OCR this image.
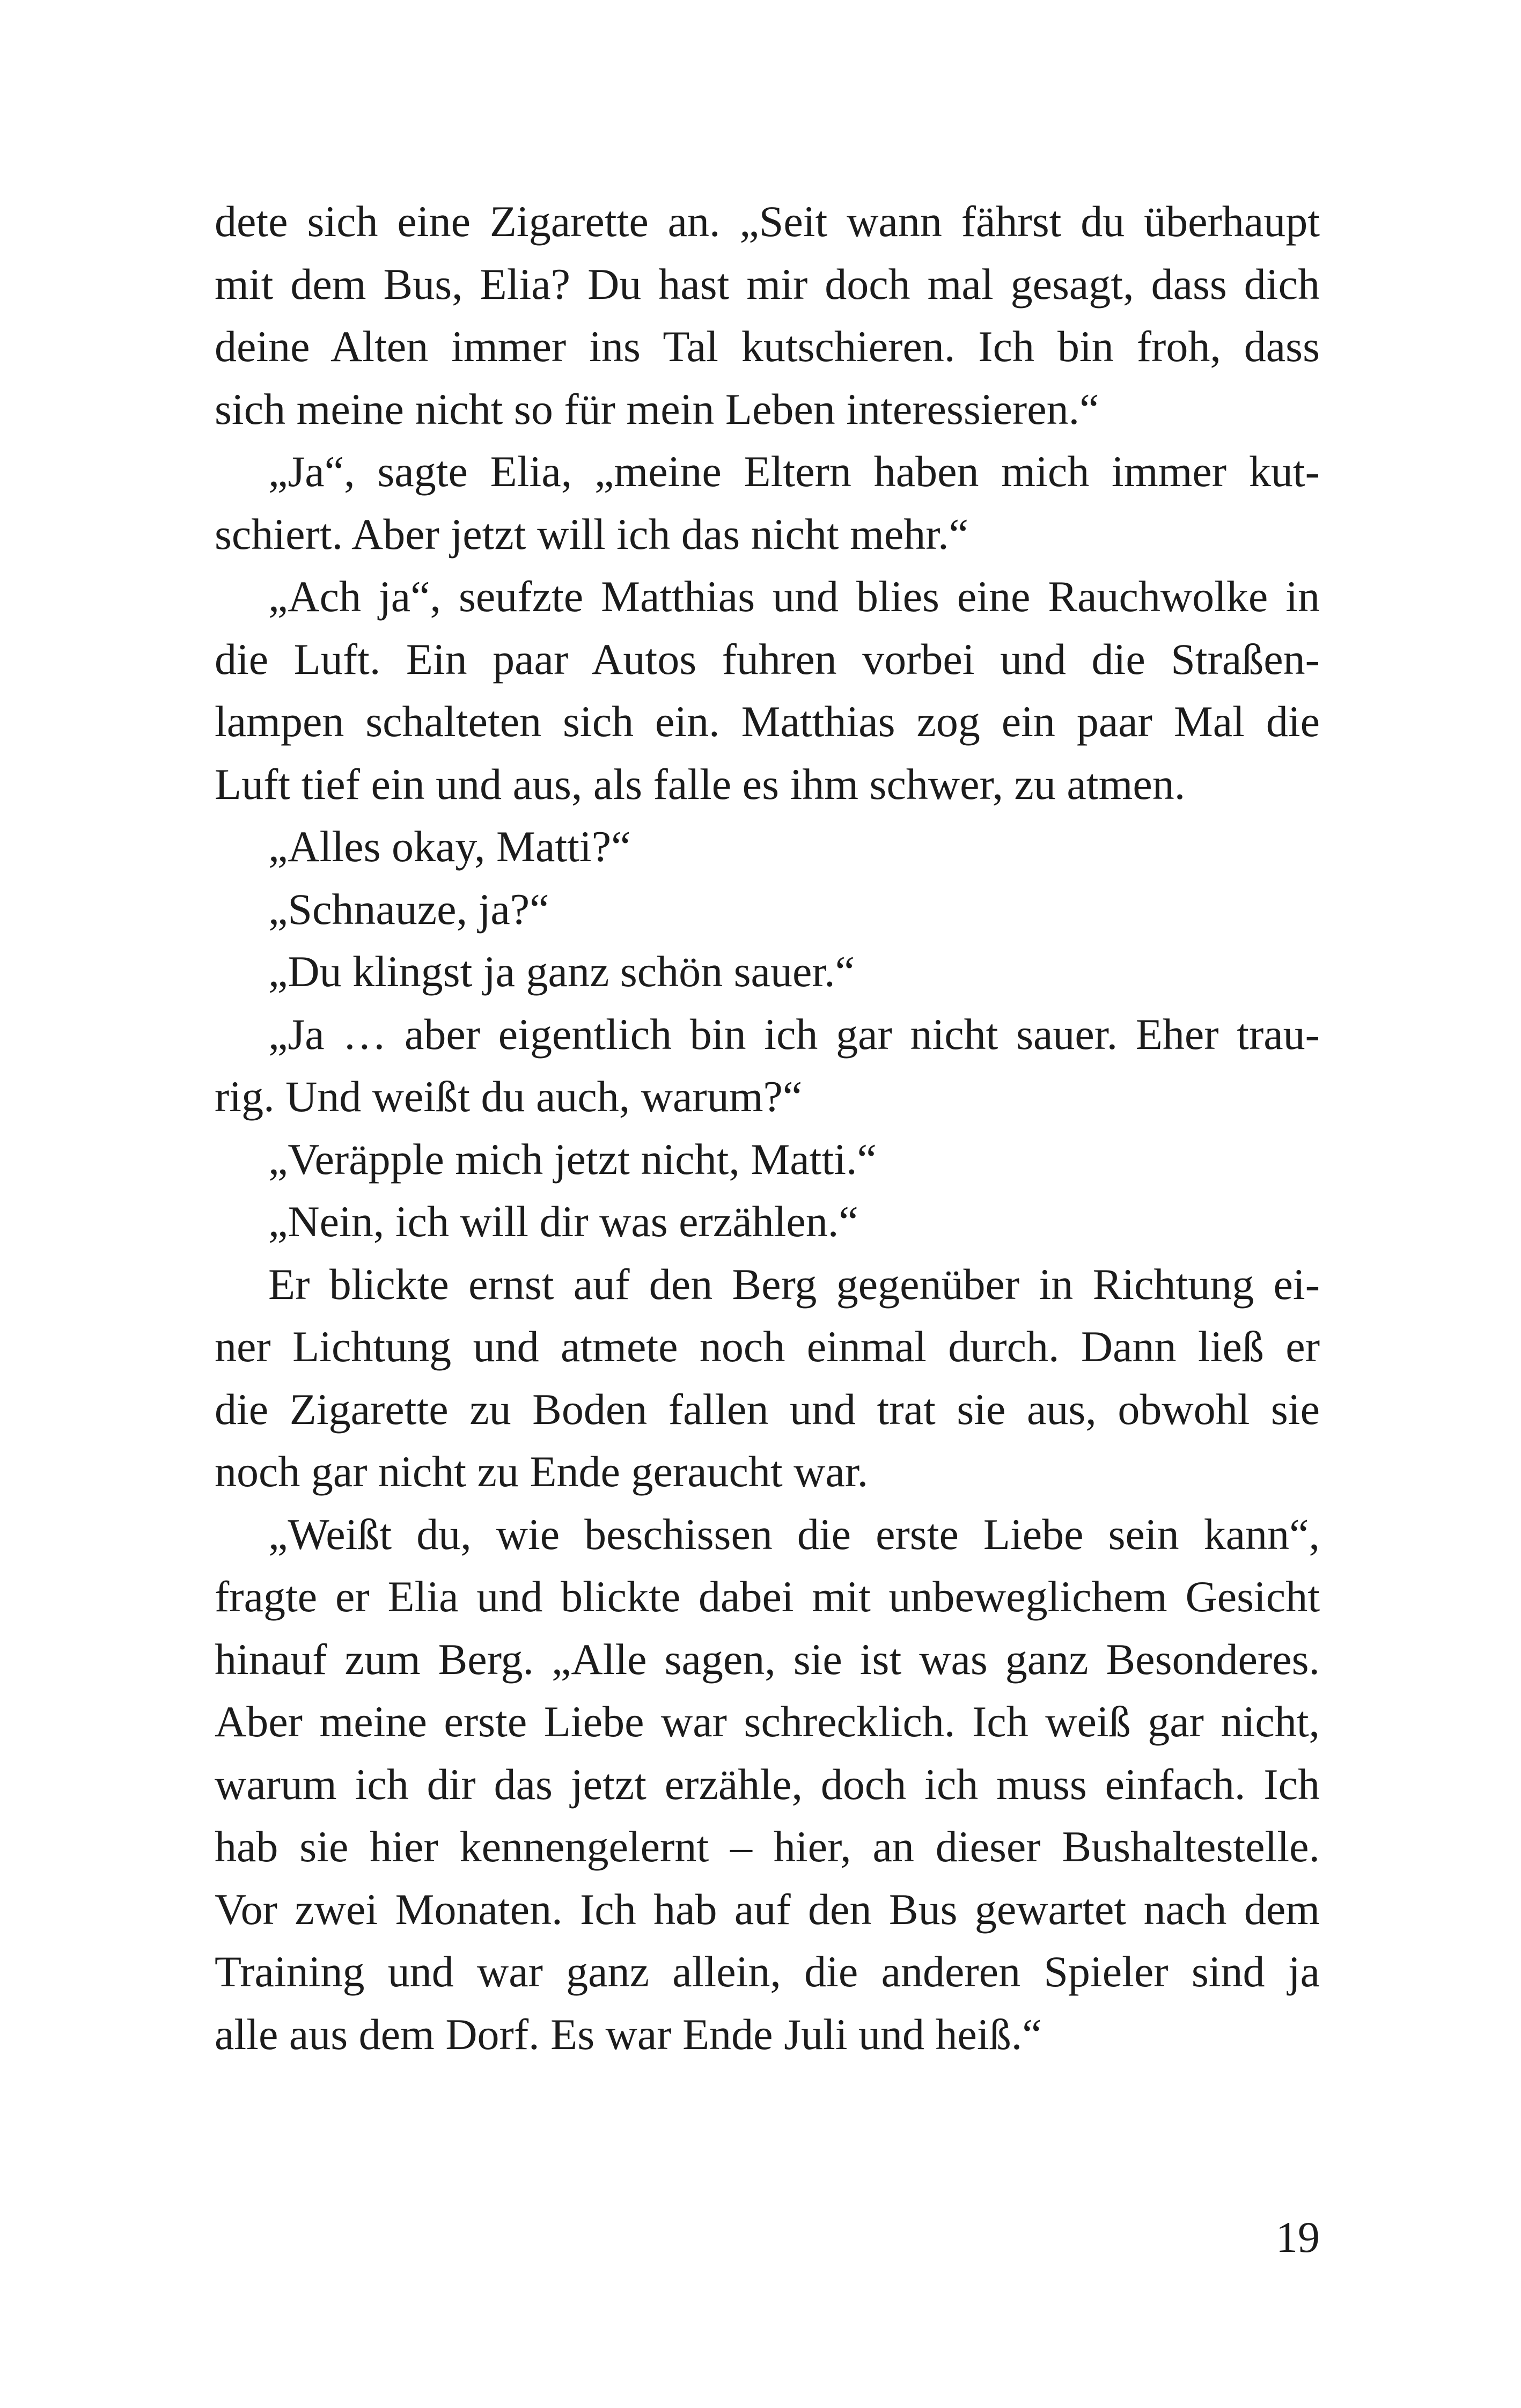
dete sich eine Zigarette an. „Seit wann fährst du überhaupt
mit dem Bus, Elia? Du hast mir doch mal gesagt, dass dich
deine Alten immer ins Tal kutschieren. Ich bin froh, dass
sich meine nicht so für mein Leben interessieren.“
„Ja“, sagte Elia, „meine Eltern haben mich immer kut-
schiert. Aber jetzt will ich das nicht mehr.“
„Ach ja“, seufzte Matthias und blies eine Rauchwolke in
die Luft. Ein paar Autos fuhren vorbei und die Straßen-
lampen schalteten sich ein. Matthias zog ein paar Mal die
Luft tief ein und aus, als falle es ihm schwer, zu atmen.
„Alles okay, Matti?“
„Schnauze, ja?“
„Du klingst ja ganz schön sauer.“
„Ja … aber eigentlich bin ich gar nicht sauer. Eher trau-
rig. Und weißt du auch, warum?“
„Veräpple mich jetzt nicht, Matti.“
„Nein, ich will dir was erzählen.“
Er blickte ernst auf den Berg gegenüber in Richtung ei-
ner Lichtung und atmete noch einmal durch. Dann ließ er
die Zigarette zu Boden fallen und trat sie aus, obwohl sie
noch gar nicht zu Ende geraucht war.
„Weißt du, wie beschissen die erste Liebe sein kann“,
fragte er Elia und blickte dabei mit unbeweglichem Gesicht
hinauf zum Berg. „Alle sagen, sie ist was ganz Besonderes.
Aber meine erste Liebe war schrecklich. Ich weiß gar nicht,
warum ich dir das jetzt erzähle, doch ich muss einfach. Ich
hab sie hier kennengelernt – hier, an dieser Bushaltestelle.
Vor zwei Monaten. Ich hab auf den Bus gewartet nach dem
Training und war ganz allein, die anderen Spieler sind ja
alle aus dem Dorf. Es war Ende Juli und heiß.“
19
